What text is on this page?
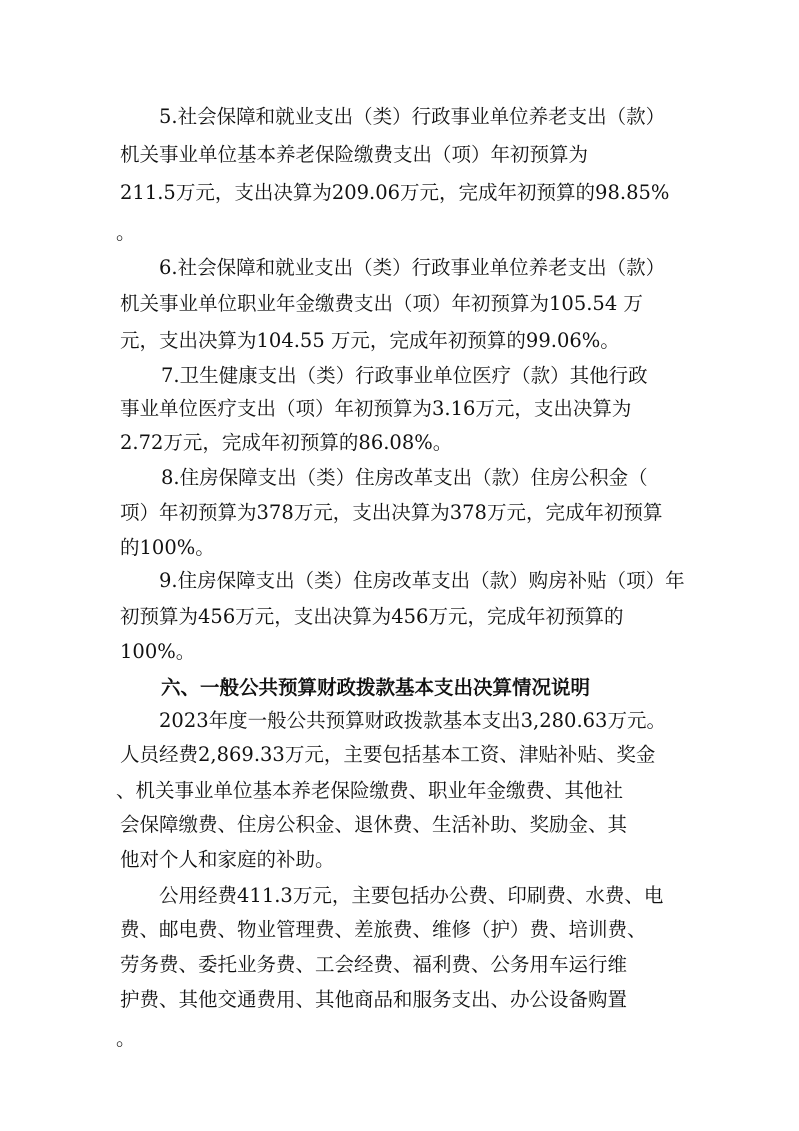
5.社会保障和就业支出（类）行政事业单位养老支出（款）
机关事业单位基本养老保险缴费支出（项）年初预算为
211.5万元，支出决算为209.06万元，完成年初预算的98.85%
。
6.社会保障和就业支出（类）行政事业单位养老支出（款）
机关事业单位职业年金缴费支出（项）年初预算为105.54 万
元，支出决算为104.55 万元，完成年初预算的99.06%。
7.卫生健康支出（类）行政事业单位医疗（款）其他行政
事业单位医疗支出（项）年初预算为3.16万元，支出决算为
2.72万元，完成年初预算的86.08%。
8.住房保障支出（类）住房改革支出（款）住房公积金（
项）年初预算为378万元，支出决算为378万元，完成年初预算
的100%。
9.住房保障支出（类）住房改革支出（款）购房补贴（项）年
初预算为456万元，支出决算为456万元，完成年初预算的
100%。
六、一般公共预算财政拨款基本支出决算情况说明
2023年度一般公共预算财政拨款基本支出3,280.63万元。
人员经费2,869.33万元，主要包括基本工资、津贴补贴、奖金
、机关事业单位基本养老保险缴费、职业年金缴费、其他社
会保障缴费、住房公积金、退休费、生活补助、奖励金、其
他对个人和家庭的补助。
公用经费411.3万元，主要包括办公费、印刷费、水费、电
费、邮电费、物业管理费、差旅费、维修（护）费、培训费、
劳务费、委托业务费、工会经费、福利费、公务用车运行维
护费、其他交通费用、其他商品和服务支出、办公设备购置
。
